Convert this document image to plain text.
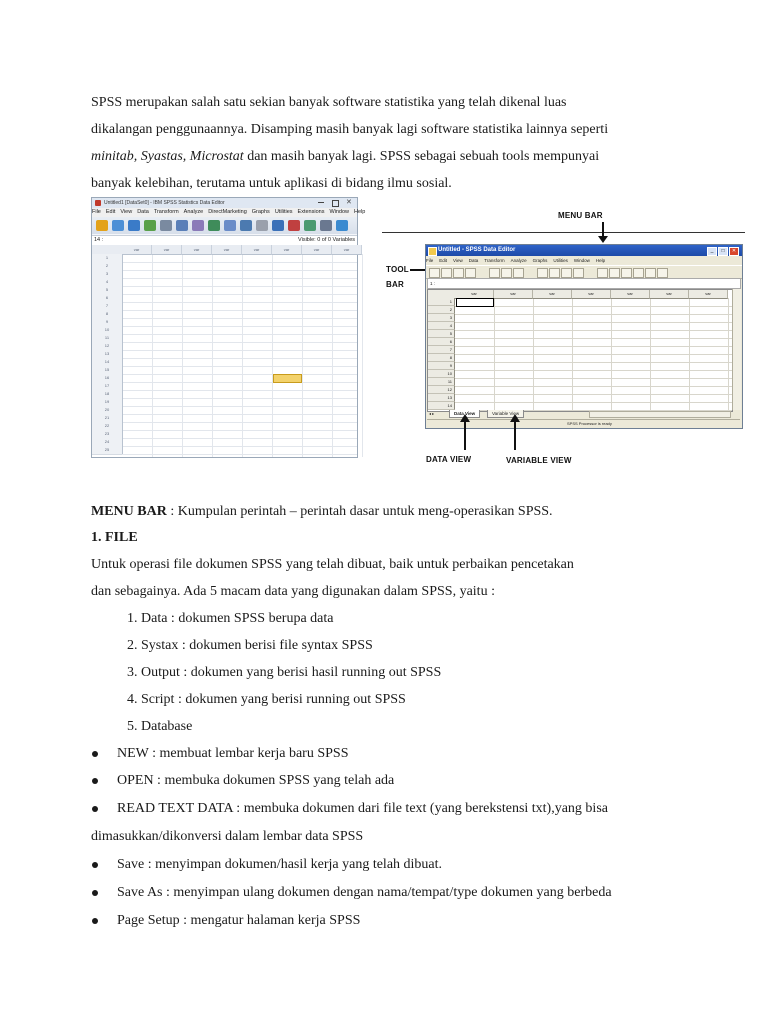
SPSS merupakan salah satu sekian banyak software statistika yang telah dikenal luas
dikalangan penggunaannya. Disamping masih banyak lagi software statistika lainnya seperti
minitab, Syastas, Microstat dan masih banyak lagi. SPSS sebagai sebuah tools mempunyai
banyak kelebihan, terutama untuk aplikasi di bidang ilmu sosial.
Untitled1 [DataSet0] - IBM SPSS Statistics Data Editor	✕
File Edit View Data Transform Analyze DirectMarketing Graphs Utilities Extensions Window Help
14 :	Visible: 0 of 0 Variables
var	var	var	var	var	var	var	var
1
2
3
4
5
6
7
8
9
10
11
12
13
14
15
16
17
18
19
20
21
22
23
24
25
MENU BAR
TOOL
BAR
Untitled - SPSS Data Editor	_	□	✕
File Edit View Data Transform Analyze Graphs Utilities Window Help
1 :
var	var	var	var	var	var	var
1
2
3
4
5
6
7
8
9
10
11
12
13
14
◂ ▸	Data View	Variable View
SPSS Processor is ready
DATA VIEW	VARIABLE VIEW
MENU BAR : Kumpulan perintah – perintah dasar untuk meng-operasikan SPSS.
1. FILE
Untuk operasi file dokumen SPSS yang telah dibuat, baik untuk perbaikan pencetakan
dan sebagainya. Ada 5 macam data yang digunakan dalam SPSS, yaitu :
1. Data : dokumen SPSS berupa data
2. Systax : dokumen berisi file syntax SPSS
3. Output : dokumen yang berisi hasil running out SPSS
4. Script : dokumen yang berisi running out SPSS
5. Database
NEW : membuat lembar kerja baru SPSS
OPEN : membuka dokumen SPSS yang telah ada
READ TEXT DATA : membuka dokumen dari file text (yang berekstensi txt),yang bisa
dimasukkan/dikonversi dalam lembar data SPSS
Save : menyimpan dokumen/hasil kerja yang telah dibuat.
Save As : menyimpan ulang dokumen dengan nama/tempat/type dokumen yang berbeda
Page Setup : mengatur halaman kerja SPSS
